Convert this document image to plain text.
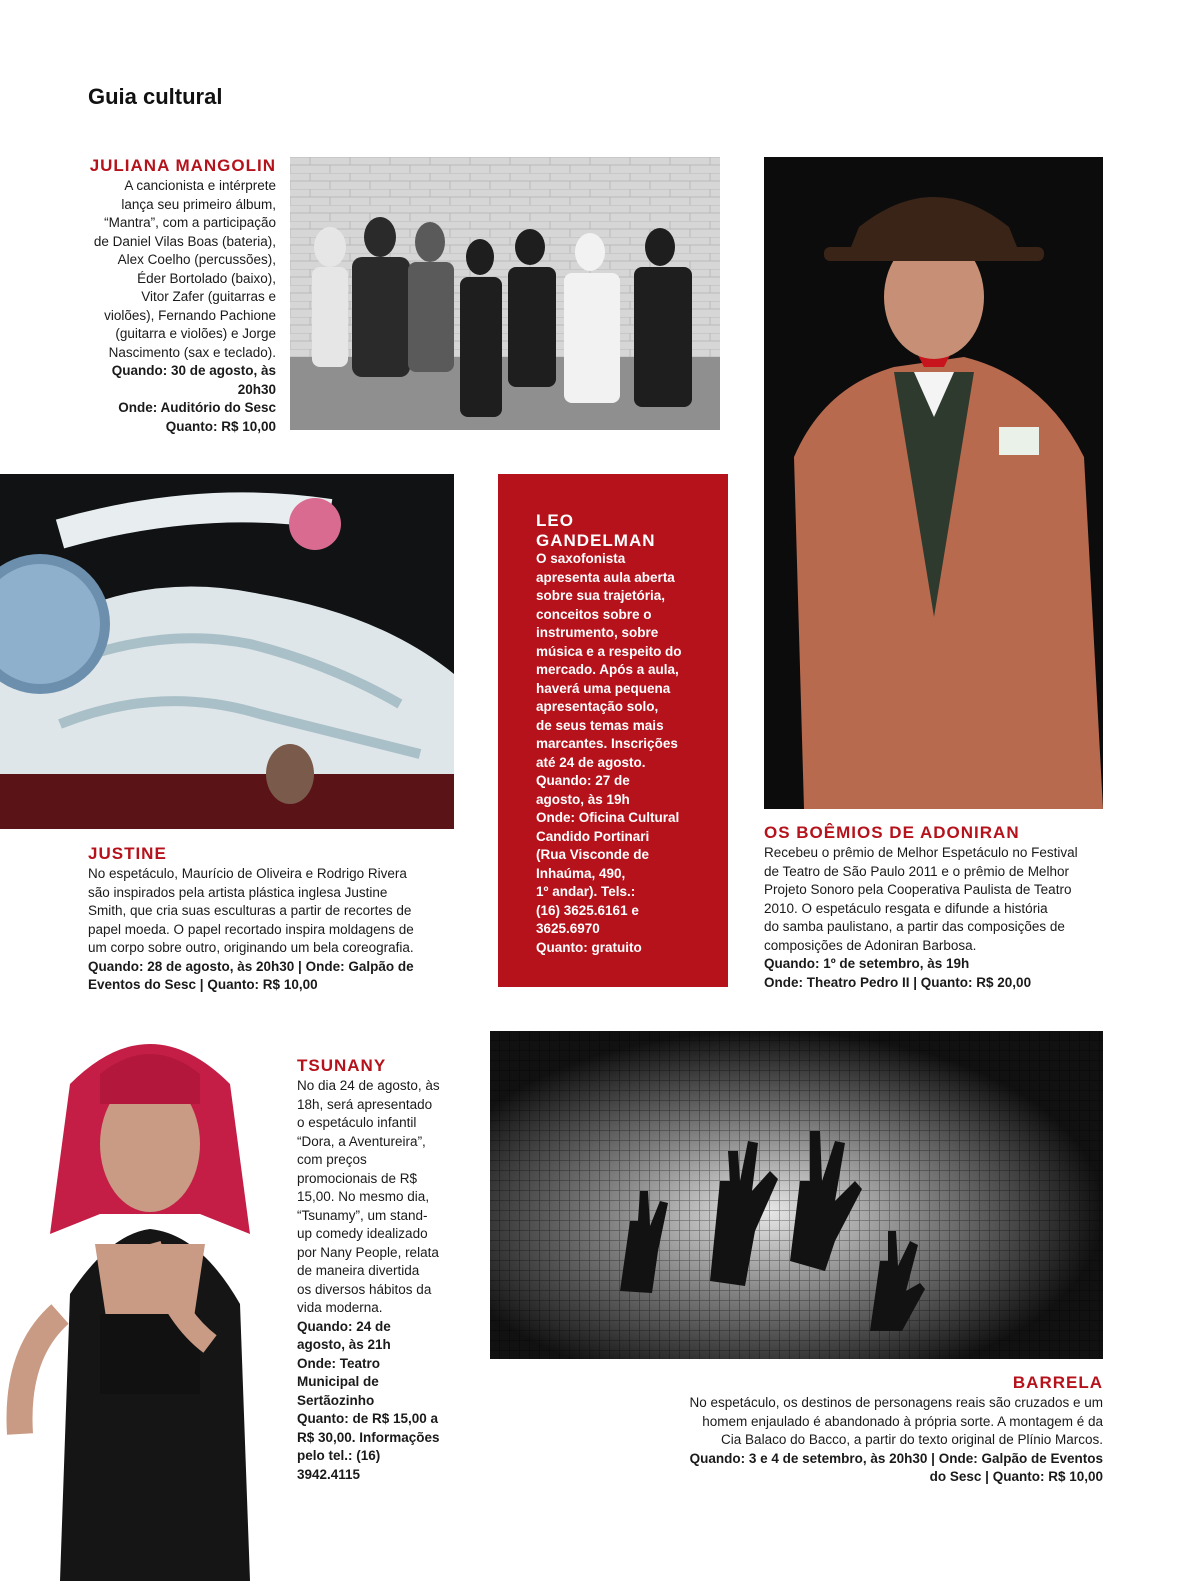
Guia cultural
JULIANA MANGOLIN
A cancionista e intérprete
lança seu primeiro álbum,
“Mantra”, com a participação
de Daniel Vilas Boas (bateria),
Alex Coelho (percussões),
Éder Bortolado (baixo),
Vitor Zafer (guitarras e
violões), Fernando Pachione
(guitarra e violões) e Jorge
Nascimento (sax e teclado).
Quando: 30 de agosto, às
20h30
Onde: Auditório do Sesc
Quanto: R$ 10,00
LEO
GANDELMAN
O saxofonista
apresenta aula aberta
sobre sua trajetória,
conceitos sobre o
instrumento, sobre
música e a respeito do
mercado. Após a aula,
haverá uma pequena
apresentação solo,
de seus temas mais
marcantes. Inscrições
até 24 de agosto.
Quando: 27 de
agosto, às 19h
Onde: Oficina Cultural
Candido Portinari
(Rua Visconde de
Inhaúma, 490,
1º andar). Tels.:
(16) 3625.6161 e
3625.6970
Quanto: gratuito
JUSTINE
No espetáculo, Maurício de Oliveira e Rodrigo Rivera
são inspirados pela artista plástica inglesa Justine
Smith, que cria suas esculturas a partir de recortes de
papel moeda. O papel recortado inspira moldagens de
um corpo sobre outro, originando um bela coreografia.
Quando: 28 de agosto, às 20h30 | Onde: Galpão de
Eventos do Sesc | Quanto: R$ 10,00
OS BOÊMIOS DE ADONIRAN
Recebeu o prêmio de Melhor Espetáculo no Festival
de Teatro de São Paulo 2011 e o prêmio de Melhor
Projeto Sonoro pela Cooperativa Paulista de Teatro
2010. O espetáculo resgata e difunde a história
do samba paulistano, a partir das composições de
composições de Adoniran Barbosa.
Quando: 1º de setembro, às 19h
Onde: Theatro Pedro II | Quanto: R$ 20,00
TSUNANY
No dia 24 de agosto, às
18h, será apresentado
o espetáculo infantil
“Dora, a Aventureira”,
com preços
promocionais de R$
15,00. No mesmo dia,
“Tsunamy”, um stand-
up comedy idealizado
por Nany People, relata
de maneira divertida
os diversos hábitos da
vida moderna.
Quando: 24 de
agosto, às 21h
Onde: Teatro
Municipal de
Sertãozinho
Quanto: de R$ 15,00 a
R$ 30,00. Informações
pelo tel.: (16)
3942.4115
BARRELA
No espetáculo, os destinos de personagens reais são cruzados e um
homem enjaulado é abandonado à própria sorte. A montagem é da
Cia Balaco do Bacco, a partir do texto original de Plínio Marcos.
Quando: 3 e 4 de setembro, às 20h30 | Onde: Galpão de Eventos
do Sesc | Quanto: R$ 10,00
